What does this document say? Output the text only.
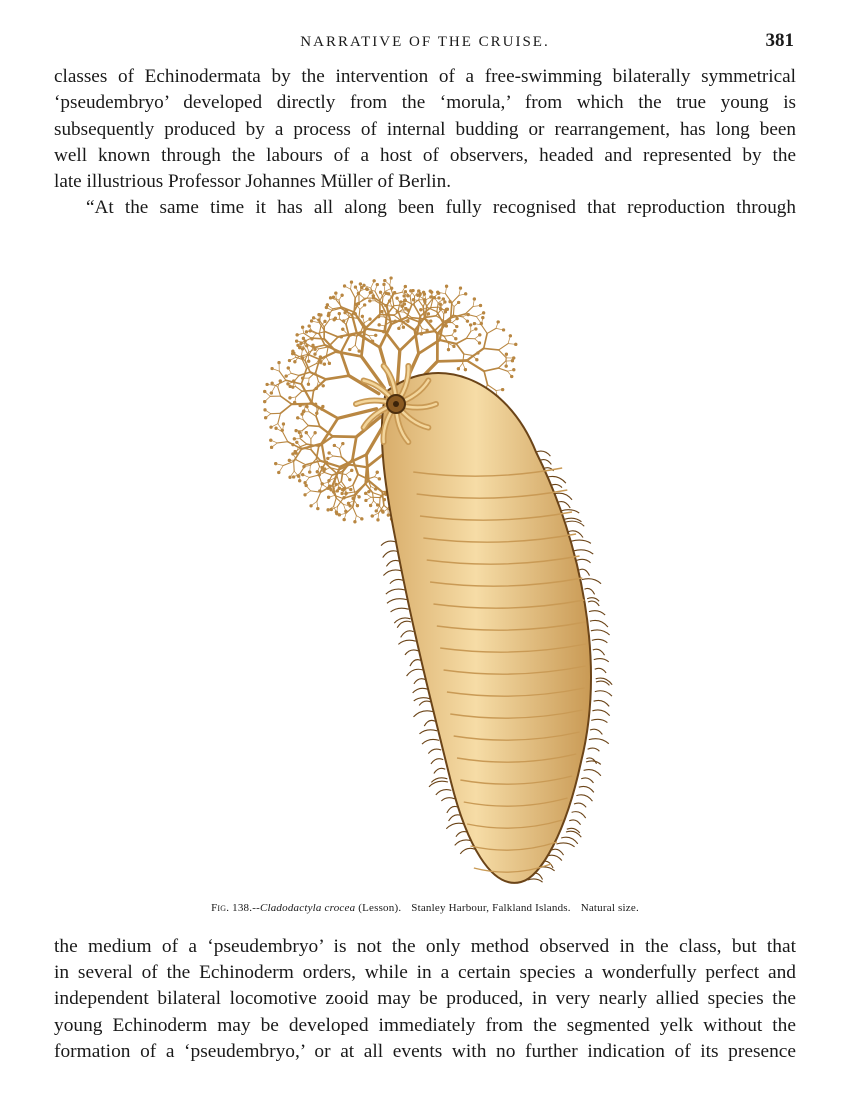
NARRATIVE OF THE CRUISE.	381
classes of Echinodermata by the intervention of a free-swimming bilaterally symmetrical
‘pseudembryo’ developed directly from the ‘morula,’ from which the true young is
subsequently produced by a process of internal budding or rearrangement, has long been
well known through the labours of a host of observers, headed and represented by the
late illustrious Professor Johannes Müller of Berlin.
“At the same time it has all along been fully recognised that reproduction through
Fig. 138.--Cladodactyla crocea (Lesson). Stanley Harbour, Falkland Islands. Natural size.
the medium of a ‘pseudembryo’ is not the only method observed in the class, but that
in several of the Echinoderm orders, while in a certain species a wonderfully perfect and
independent bilateral locomotive zooid may be produced, in very nearly allied species the
young Echinoderm may be developed immediately from the segmented yelk without the
formation of a ‘pseudembryo,’ or at all events with no further indication of its presence
